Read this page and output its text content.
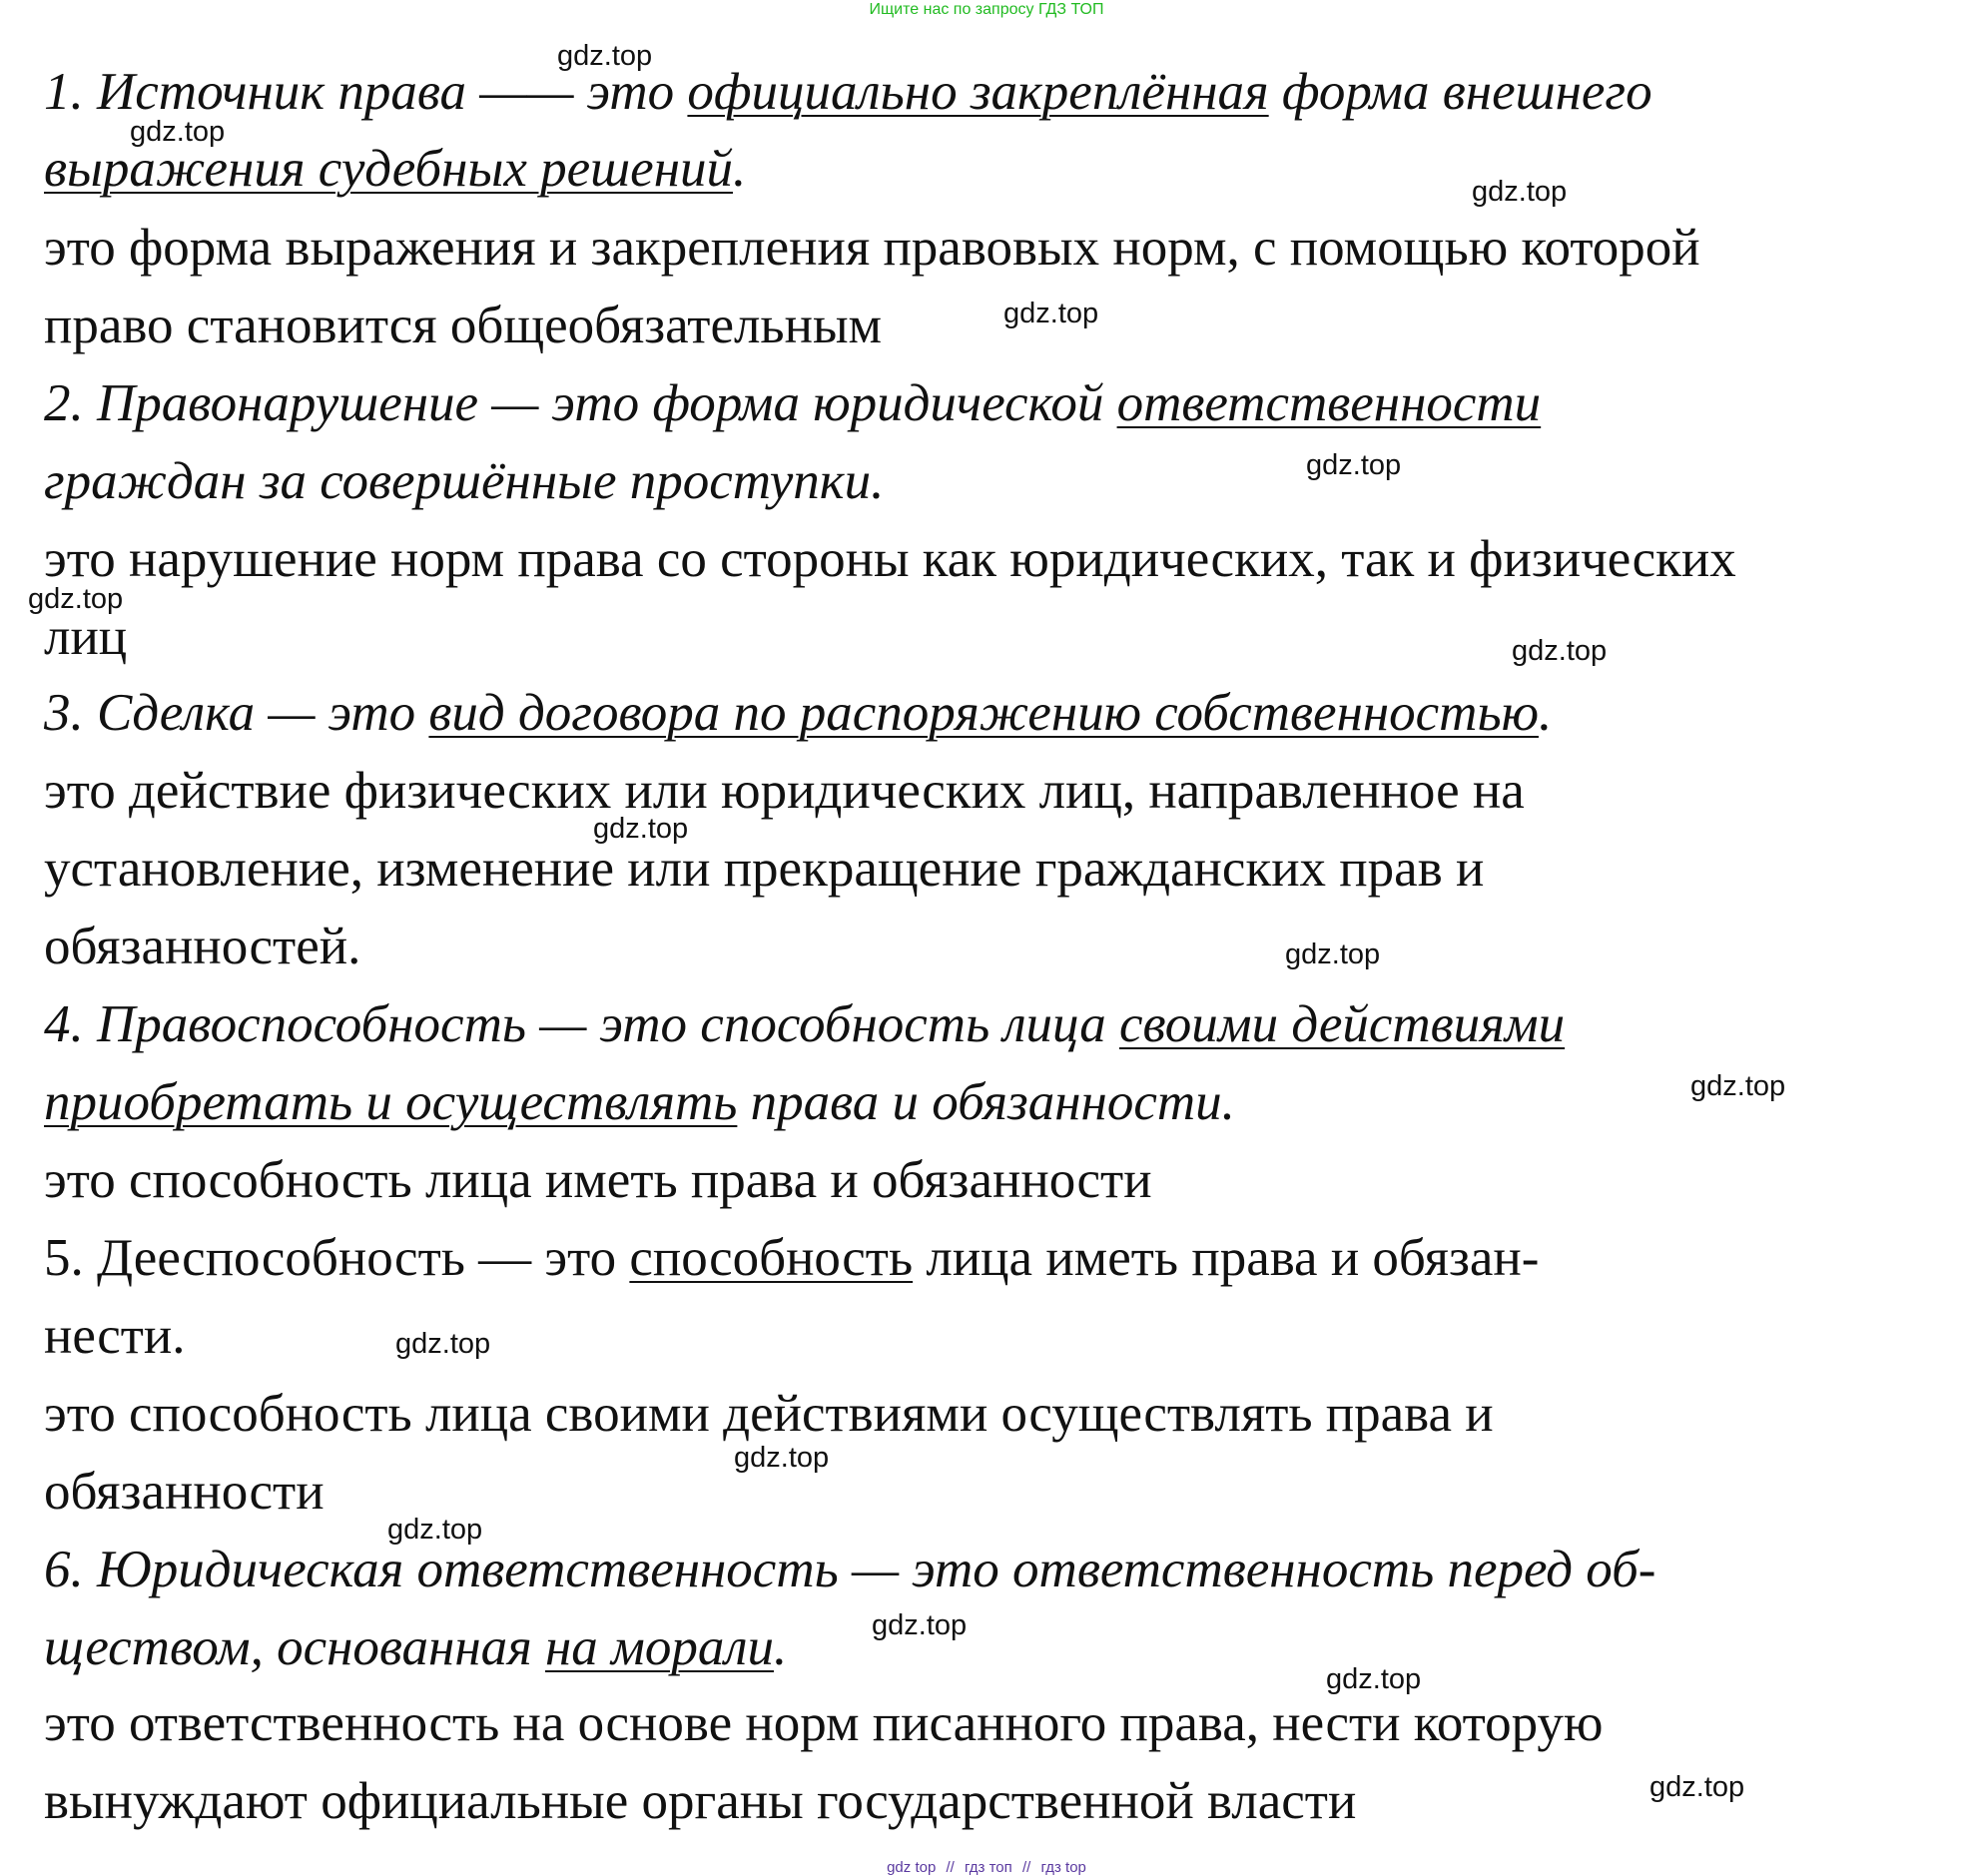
Ищите нас по запросу ГДЗ ТОП
1. Источник права —— это официально закреплённая форма внешнего
выражения судебных решений.
это форма выражения и закрепления правовых норм, с помощью которой
право становится общеобязательным
2. Правонарушение — это форма юридической ответственности
граждан за совершённые проступки.
это нарушение норм права со стороны как юридических, так и физических
лиц
3. Сделка — это вид договора по распоряжению собственностью.
это действие физических или юридических лиц, направленное на
установление, изменение или прекращение гражданских прав и
обязанностей.
4. Правоспособность — это способность лица своими действиями
приобретать и осуществлять права и обязанности.
это способность лица иметь права и обязанности
5. Дееспособность — это способность лица иметь права и обязан-
нести.
это способность лица своими действиями осуществлять права и
обязанности
6. Юридическая ответственность — это ответственность перед об-
ществом, основанная на морали.
это ответственность на основе норм писанного права, нести которую
вынуждают официальные органы государственной власти
gdz.top
gdz.top
gdz.top
gdz.top
gdz.top
gdz.top
gdz.top
gdz.top
gdz.top
gdz.top
gdz.top
gdz.top
gdz.top
gdz.top
gdz.top
gdz.top
gdz top // гдз топ // гдз top
